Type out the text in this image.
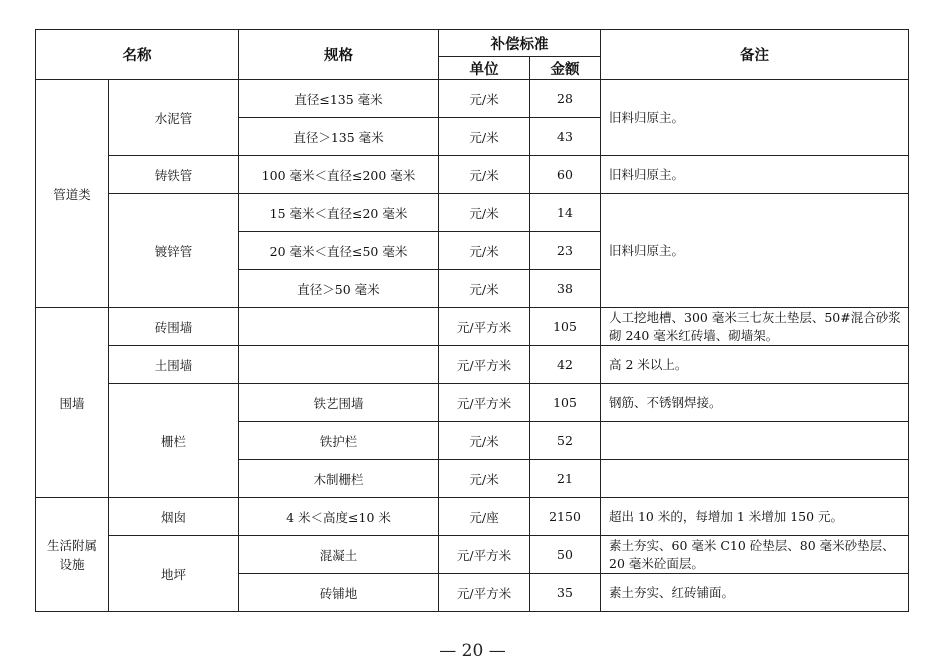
名称		规格	补偿标准		备注
			单位	金额	
管道类	水泥管	直径≤135 毫米	元/米	28	旧料归原主。
		直径＞135 毫米	元/米	43	
	铸铁管	100 毫米＜直径≤200 毫米	元/米	60	旧料归原主。
	镀锌管	15 毫米＜直径≤20 毫米	元/米	14	旧料归原主。
		20 毫米＜直径≤50 毫米	元/米	23	
		直径＞50 毫米	元/米	38	
围墙	砖围墙		元/平方米	105	人工挖地槽、300 毫米三七灰土垫层、50#混合砂浆砌 240 毫米红砖墙、砌墙架。
	土围墙		元/平方米	42	高 2 米以上。
	栅栏	铁艺围墙	元/平方米	105	钢筋、不锈钢焊接。
		铁护栏	元/米	52	
		木制栅栏	元/米	21	
生活附属
设施	烟囱	4 米＜高度≤10 米	元/座	2150	超出 10 米的，每增加 1 米增加 150 元。
	地坪	混凝土	元/平方米	50	素土夯实、60 毫米 C10 砼垫层、80 毫米砂垫层、20 毫米砼面层。
		砖铺地	元/平方米	35	素土夯实、红砖铺面。
— 20 —
